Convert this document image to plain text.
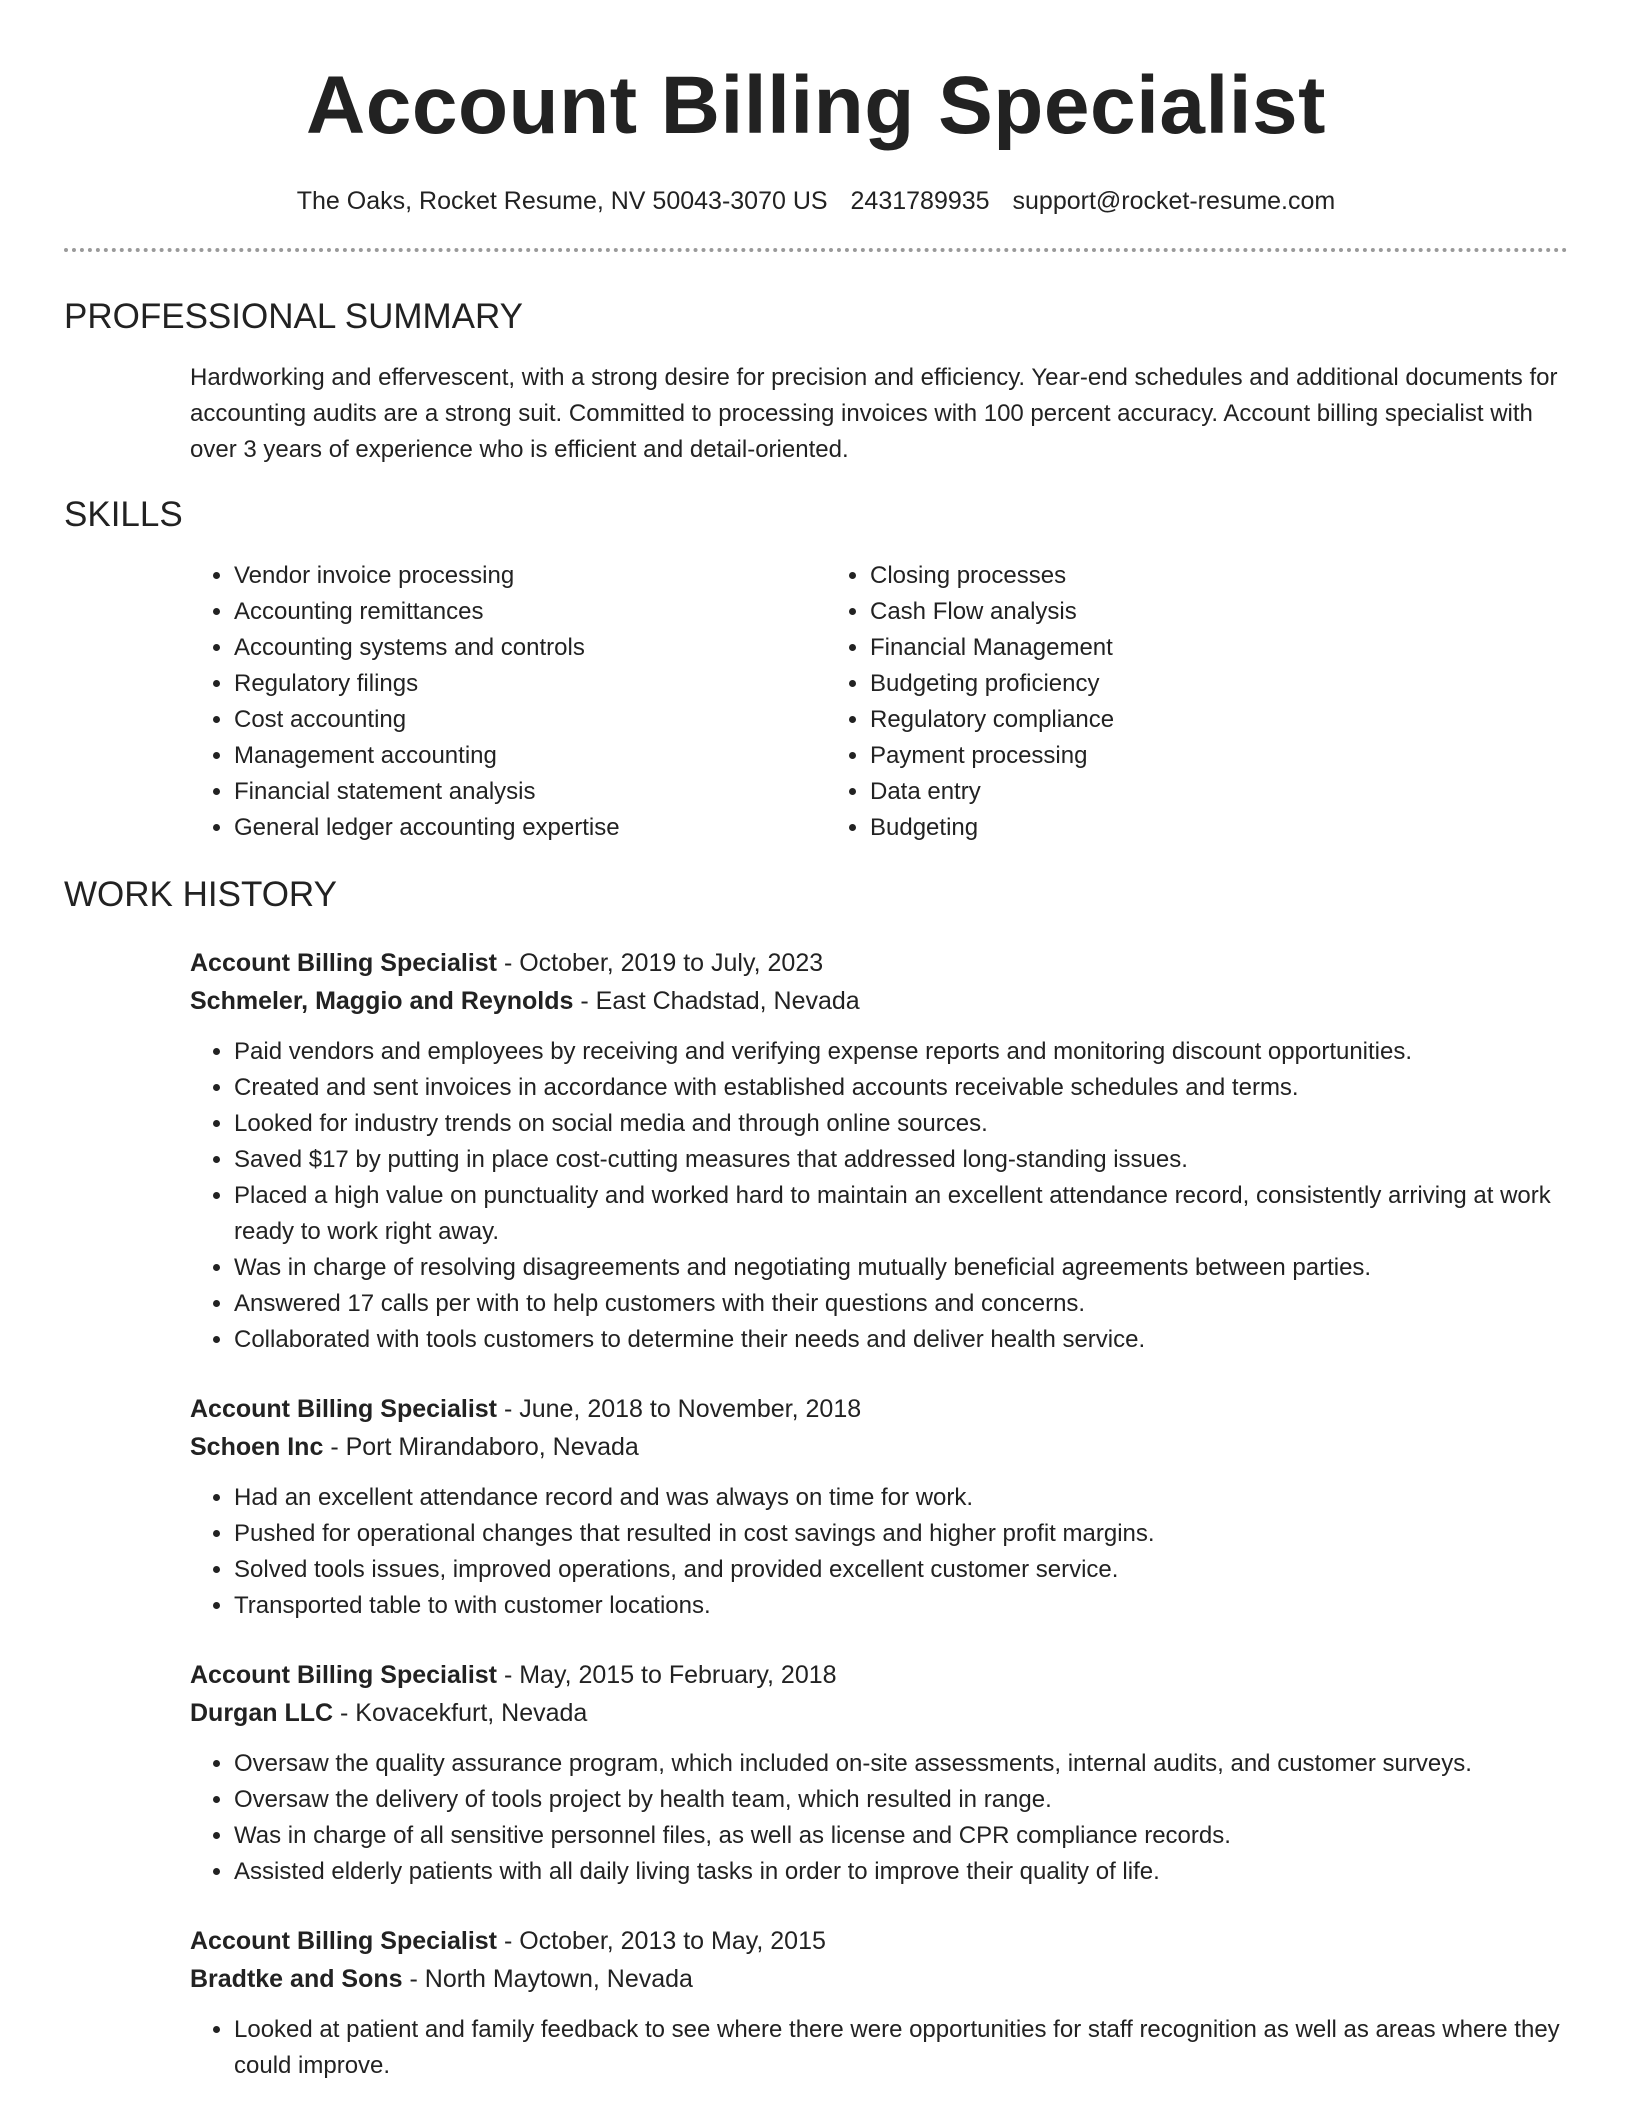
Account Billing Specialist
The Oaks, Rocket Resume, NV 50043-3070 US 2431789935 support@rocket-resume.com
PROFESSIONAL SUMMARY

Hardworking and effervescent, with a strong desire for precision and efficiency. Year-end schedules and additional documents for accounting audits are a strong suit. Committed to processing invoices with 100 percent accuracy. Account billing specialist with over 3 years of experience who is efficient and detail-oriented.

SKILLS
• Vendor invoice processing
• Accounting remittances
• Accounting systems and controls
• Regulatory filings
• Cost accounting
• Management accounting
• Financial statement analysis
• General ledger accounting expertise
• Closing processes
• Cash Flow analysis
• Financial Management
• Budgeting proficiency
• Regulatory compliance
• Payment processing
• Data entry
• Budgeting
WORK HISTORY
Account Billing Specialist - October, 2019 to July, 2023
Schmeler, Maggio and Reynolds - East Chadstad, Nevada
• Paid vendors and employees by receiving and verifying expense reports and monitoring discount opportunities.
• Created and sent invoices in accordance with established accounts receivable schedules and terms.
• Looked for industry trends on social media and through online sources.
• Saved $17 by putting in place cost-cutting measures that addressed long-standing issues.
• Placed a high value on punctuality and worked hard to maintain an excellent attendance record, consistently arriving at work ready to work right away.
• Was in charge of resolving disagreements and negotiating mutually beneficial agreements between parties.
• Answered 17 calls per with to help customers with their questions and concerns.
• Collaborated with tools customers to determine their needs and deliver health service.
Account Billing Specialist - June, 2018 to November, 2018
Schoen Inc - Port Mirandaboro, Nevada
• Had an excellent attendance record and was always on time for work.
• Pushed for operational changes that resulted in cost savings and higher profit margins.
• Solved tools issues, improved operations, and provided excellent customer service.
• Transported table to with customer locations.
Account Billing Specialist - May, 2015 to February, 2018
Durgan LLC - Kovacekfurt, Nevada
• Oversaw the quality assurance program, which included on-site assessments, internal audits, and customer surveys.
• Oversaw the delivery of tools project by health team, which resulted in range.
• Was in charge of all sensitive personnel files, as well as license and CPR compliance records.
• Assisted elderly patients with all daily living tasks in order to improve their quality of life.
Account Billing Specialist - October, 2013 to May, 2015
Bradtke and Sons - North Maytown, Nevada
• Looked at patient and family feedback to see where there were opportunities for staff recognition as well as areas where they could improve.
